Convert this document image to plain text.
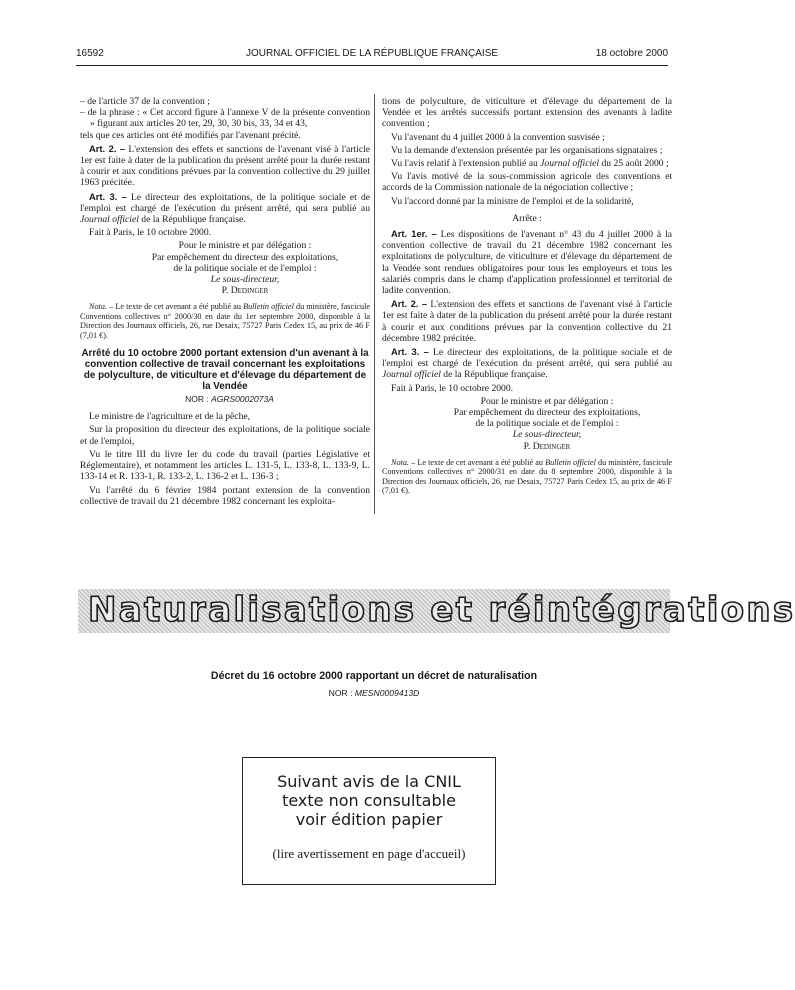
16592	JOURNAL OFFICIEL DE LA RÉPUBLIQUE FRANÇAISE	18 octobre 2000

– de l'article 37 de la convention ;

– de la phrase : « Cet accord figure à l'annexe V de la présente convention » figurant aux articles 20 ter, 29, 30, 30 bis, 33, 34 et 43,

tels que ces articles ont été modifiés par l'avenant précité.

Art. 2. – L'extension des effets et sanctions de l'avenant visé à l'article 1er est faite à dater de la publication du présent arrêté pour la durée restant à courir et aux conditions prévues par la convention collective du 29 juillet 1963 précitée.

Art. 3. – Le directeur des exploitations, de la politique sociale et de l'emploi est chargé de l'exécution du présent arrêté, qui sera publié au Journal officiel de la République française.

Fait à Paris, le 10 octobre 2000.

Pour le ministre et par délégation :

Par empêchement du directeur des exploitations,

de la politique sociale et de l'emploi :

Le sous-directeur,

P. Dedinger

Nota. – Le texte de cet avenant a été publié au Bulletin officiel du ministère, fascicule Conventions collectives n° 2000/30 en date du 1er septembre 2000, disponible à la Direction des Journaux officiels, 26, rue Desaix, 75727 Paris Cedex 15, au prix de 46 F (7,01 €).

Arrêté du 10 octobre 2000 portant extension d'un avenant à la convention collective de travail concernant les exploitations de polyculture, de viticulture et d'élevage du département de la Vendée

NOR : AGRS0002073A

Le ministre de l'agriculture et de la pêche,

Sur la proposition du directeur des exploitations, de la politique sociale et de l'emploi,

Vu le titre III du livre Ier du code du travail (parties Législative et Réglementaire), et notamment les articles L. 131-5, L. 133-8, L. 133-9, L. 133-14 et R. 133-1, R. 133-2, L. 136-2 et L. 136-3 ;

Vu l'arrêté du 6 février 1984 portant extension de la convention collective de travail du 21 décembre 1982 concernant les exploita-

tions de polyculture, de viticulture et d'élevage du département de la Vendée et les arrêtés successifs portant extension des avenants à ladite convention ;

Vu l'avenant du 4 juillet 2000 à la convention susvisée ;

Vu la demande d'extension présentée par les organisations signataires ;

Vu l'avis relatif à l'extension publié au Journal officiel du 25 août 2000 ;

Vu l'avis motivé de la sous-commission agricole des conventions et accords de la Commission nationale de la négociation collective ;

Vu l'accord donné par la ministre de l'emploi et de la solidarité,

Arrête :

Art. 1er. – Les dispositions de l'avenant n° 43 du 4 juillet 2000 à la convention collective de travail du 21 décembre 1982 concernant les exploitations de polyculture, de viticulture et d'élevage du département de la Vendée sont rendues obligatoires pour tous les employeurs et tous les salariés compris dans le champ d'application professionnel et territorial de ladite convention.

Art. 2. – L'extension des effets et sanctions de l'avenant visé à l'article 1er est faite à dater de la publication du présent arrêté pour la durée restant à courir et aux conditions prévues par la convention collective du 21 décembre 1982 précitée.

Art. 3. – Le directeur des exploitations, de la politique sociale et de l'emploi est chargé de l'exécution du présent arrêté, qui sera publié au Journal officiel de la République française.

Fait à Paris, le 10 octobre 2000.

Pour le ministre et par délégation :

Par empêchement du directeur des exploitations,

de la politique sociale et de l'emploi :

Le sous-directeur,

P. Dedinger

Nota. – Le texte de cet avenant a été publié au Bulletin officiel du ministère, fascicule Conventions collectives n° 2000/31 en date du 8 septembre 2000, disponible à la Direction des Journaux officiels, 26, rue Desaix, 75727 Paris Cedex 15, au prix de 46 F (7,01 €).

Naturalisations et réintégrations
Décret du 16 octobre 2000 rapportant un décret de naturalisation
NOR : MESN0009413D
Suivant avis de la CNIL
texte non consultable
voir édition papier
(lire avertissement en page d'accueil)
